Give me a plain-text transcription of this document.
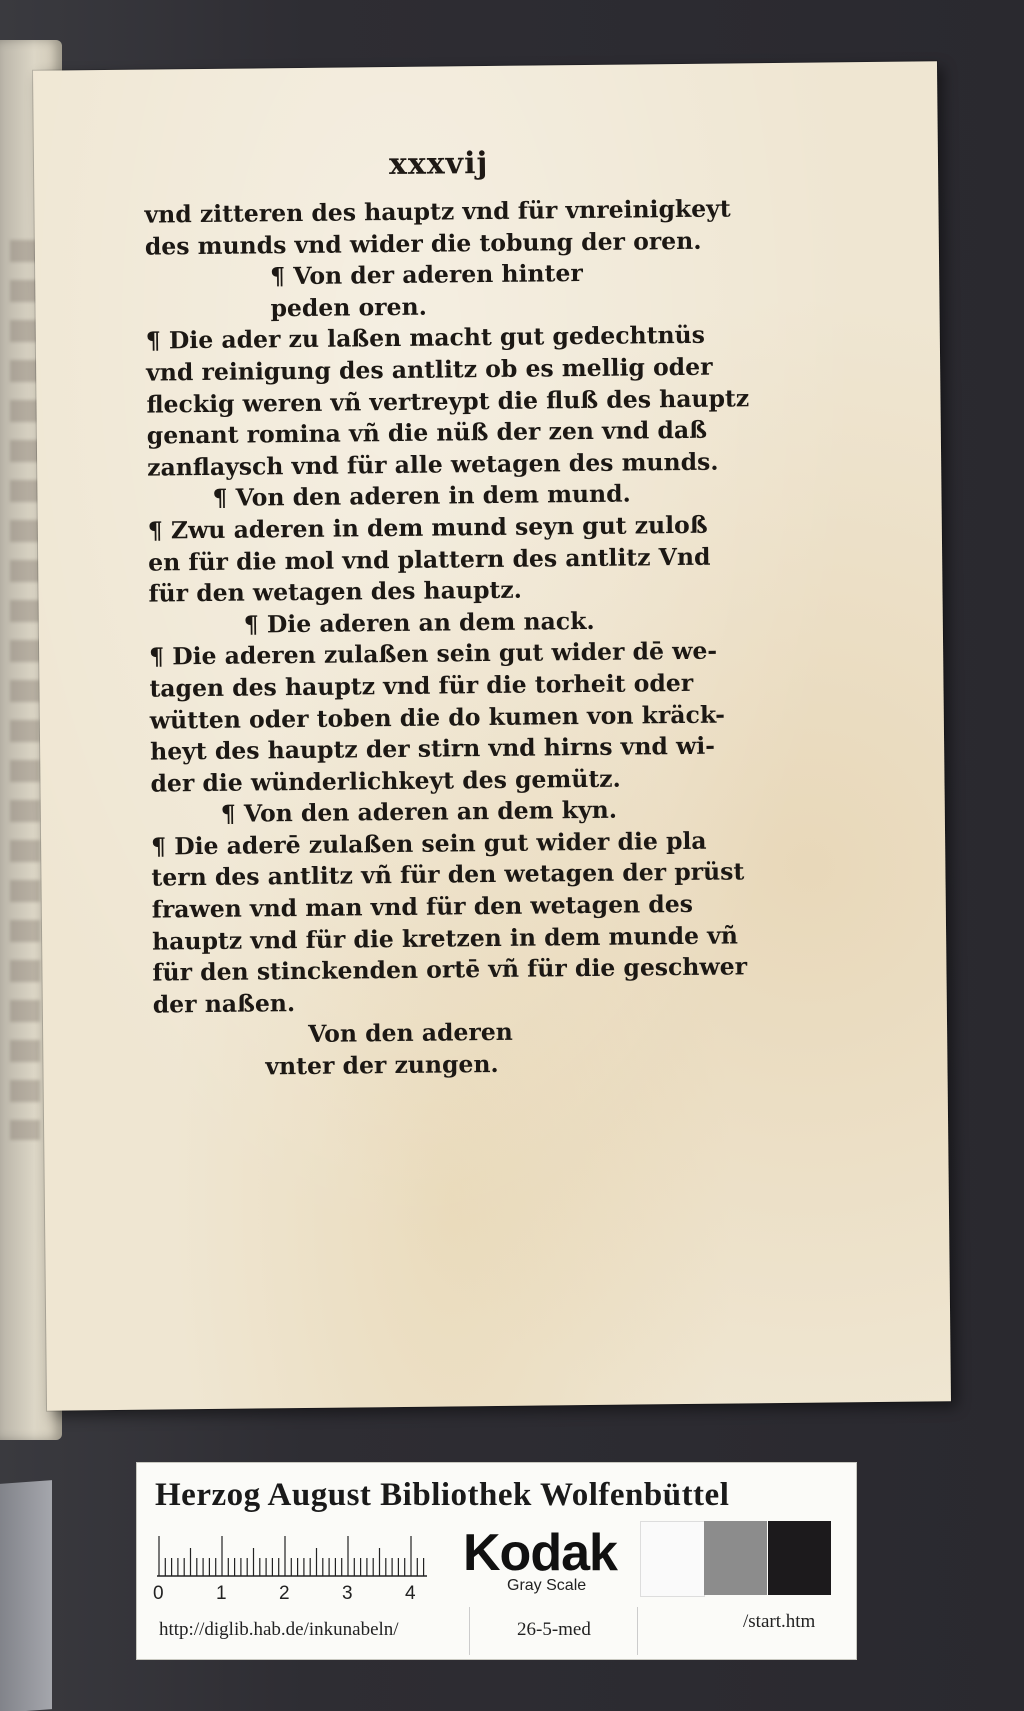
xxxvij
vnd zitteren des hauptz vnd für vnreinigkeyt
des munds vnd wider die tobung der oren.
¶ Von der aderen hinter
peden oren.
¶ Die ader zu laßen macht gut gedechtnüs
vnd reinigung des antlitz ob es mellig oder
fleckig weren vñ vertreypt die fluß des hauptz
genant romina vñ die nüß der zen vnd daß
zanflaysch vnd für alle wetagen des munds.
¶ Von den aderen in dem mund.
¶ Zwu aderen in dem mund seyn gut zuloß
en für die mol vnd plattern des antlitz Vnd
für den wetagen des hauptz.
¶ Die aderen an dem nack.
¶ Die aderen zulaßen sein gut wider dē we-
tagen des hauptz vnd für die torheit oder
wütten oder toben die do kumen von kräck-
heyt des hauptz der stirn vnd hirns vnd wi-
der die wünderlichkeyt des gemütz.
¶ Von den aderen an dem kyn.
¶ Die aderē zulaßen sein gut wider die pla
tern des antlitz vñ für den wetagen der prüst
frawen vnd man vnd für den wetagen des
hauptz vnd für die kretzen in dem munde vñ
für den stinckenden ortē vñ für die geschwer
der naßen.
Von den aderen
vnter der zungen.
Herzog August Bibliothek Wolfenbüttel
0	1	2	3	4
Kodak
Gray Scale
http://diglib.hab.de/inkunabeln/	26-5-med	/start.htm
